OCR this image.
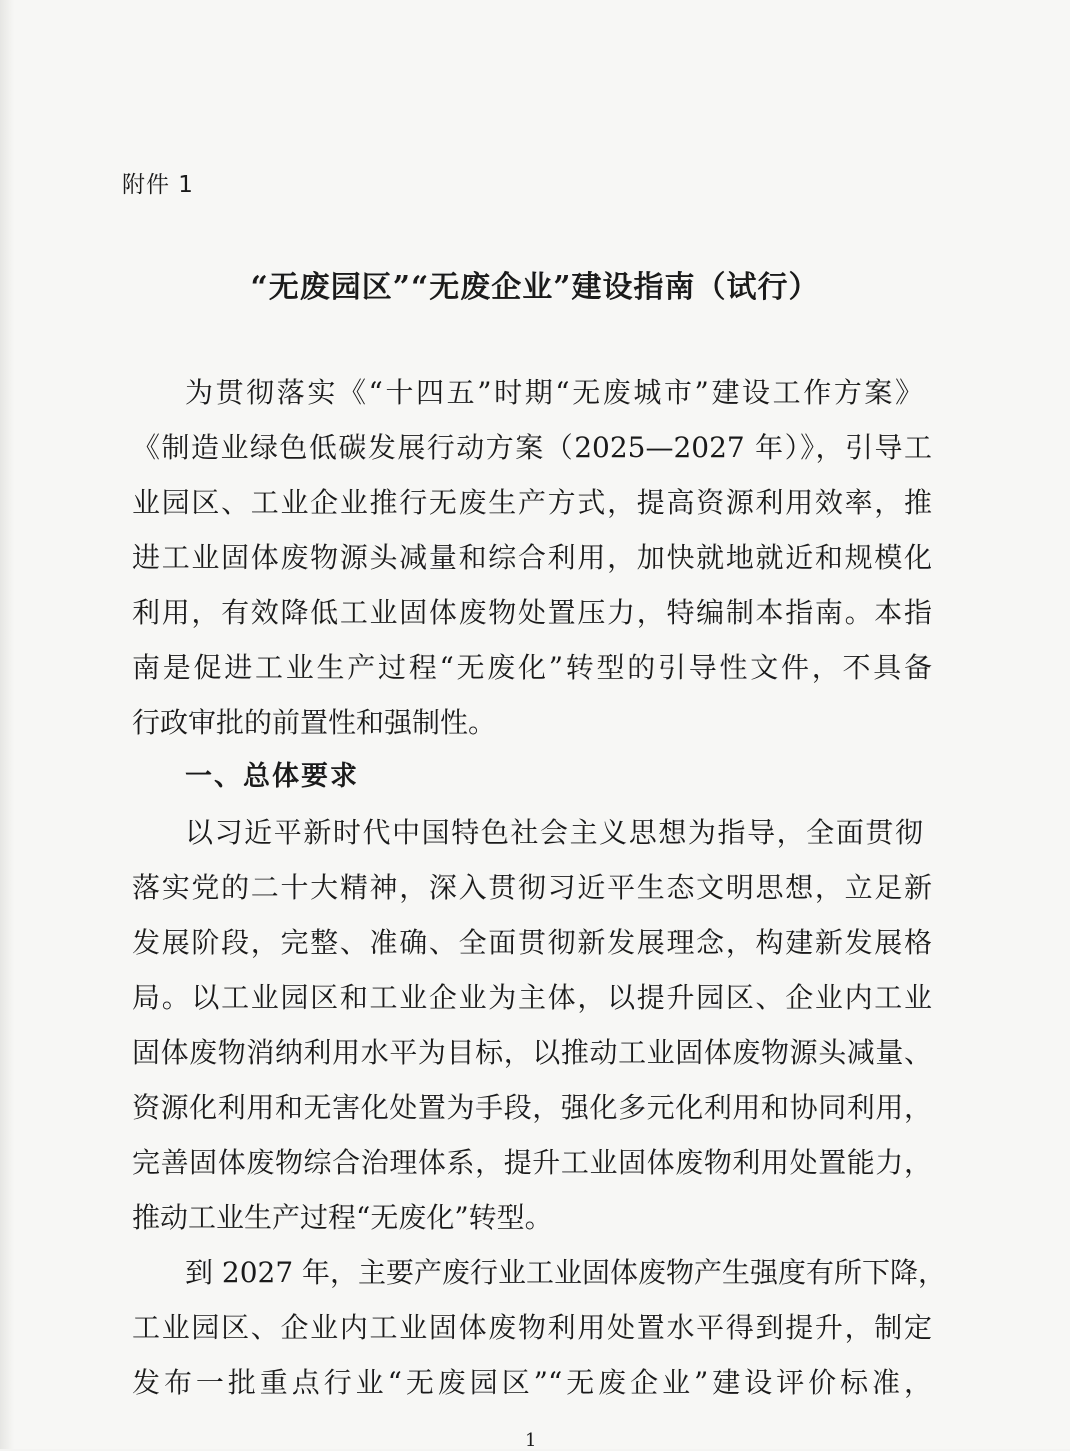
附件 1
“无废园区”“无废企业”建设指南（试行）
为贯彻落实《“十四五”时期“无废城市”建设工作方案》
《制造业绿色低碳发展行动方案（2025—2027 年）》，引导工
业园区、工业企业推行无废生产方式，提高资源利用效率，推
进工业固体废物源头减量和综合利用，加快就地就近和规模化
利用，有效降低工业固体废物处置压力，特编制本指南。本指
南是促进工业生产过程“无废化”转型的引导性文件，不具备
行政审批的前置性和强制性。
一、总体要求
以习近平新时代中国特色社会主义思想为指导，全面贯彻
落实党的二十大精神，深入贯彻习近平生态文明思想，立足新
发展阶段，完整、准确、全面贯彻新发展理念，构建新发展格
局。以工业园区和工业企业为主体，以提升园区、企业内工业
固体废物消纳利用水平为目标，以推动工业固体废物源头减量、
资源化利用和无害化处置为手段，强化多元化利用和协同利用，
完善固体废物综合治理体系，提升工业固体废物利用处置能力，
推动工业生产过程“无废化”转型。
到 2027 年，主要产废行业工业固体废物产生强度有所下降，
工业园区、企业内工业固体废物利用处置水平得到提升，制定
发布一批重点行业“无废园区”“无废企业”建设评价标准，
1
